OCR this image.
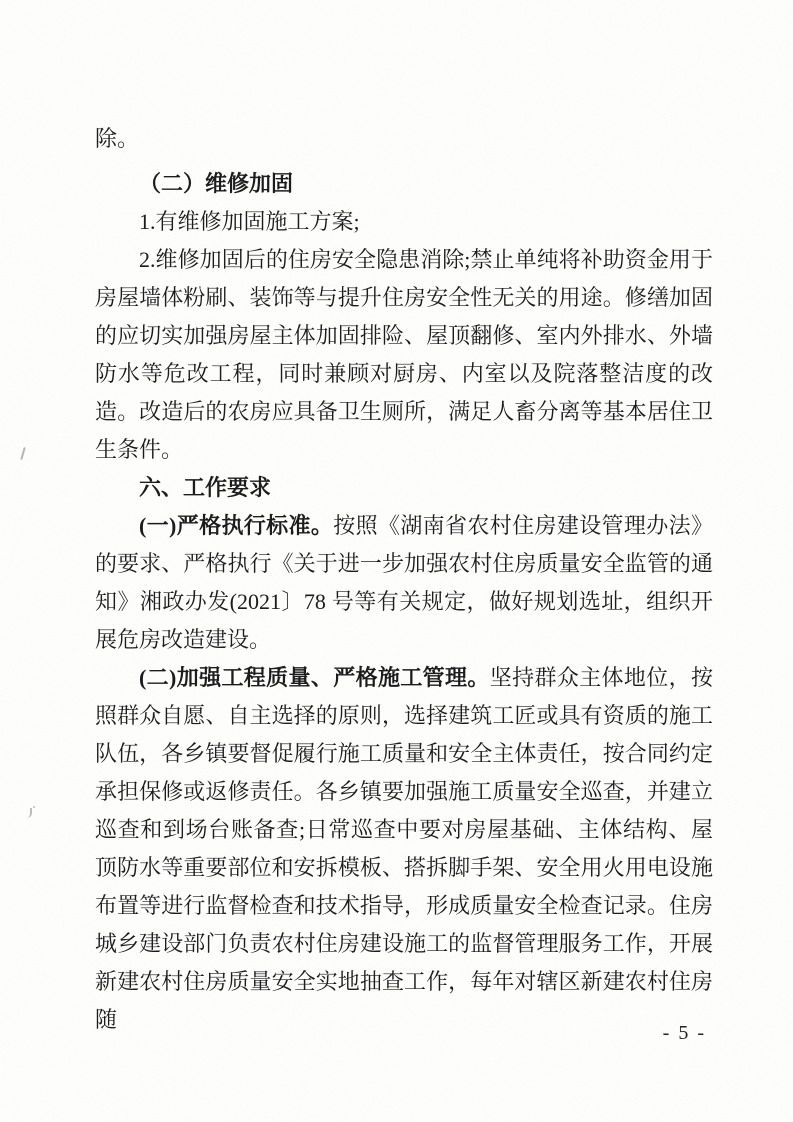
除。

（二）维修加固

1.有维修加固施工方案;

2.维修加固后的住房安全隐患消除;禁止单纯将补助资金用于房屋墙体粉刷、装饰等与提升住房安全性无关的用途。修缮加固的应切实加强房屋主体加固排险、屋顶翻修、室内外排水、外墙防水等危改工程，同时兼顾对厨房、内室以及院落整洁度的改造。改造后的农房应具备卫生厕所，满足人畜分离等基本居住卫生条件。

六、工作要求

(一)严格执行标准。按照《湖南省农村住房建设管理办法》的要求、严格执行《关于进一步加强农村住房质量安全监管的通知》湘政办发(2021〕78 号等有关规定，做好规划选址，组织开展危房改造建设。

(二)加强工程质量、严格施工管理。坚持群众主体地位，按照群众自愿、自主选择的原则，选择建筑工匠或具有资质的施工队伍，各乡镇要督促履行施工质量和安全主体责任，按合同约定承担保修或返修责任。各乡镇要加强施工质量安全巡查，并建立巡查和到场台账备查;日常巡查中要对房屋基础、主体结构、屋顶防水等重要部位和安拆模板、搭拆脚手架、安全用火用电设施布置等进行监督检查和技术指导，形成质量安全检查记录。住房城乡建设部门负责农村住房建设施工的监督管理服务工作，开展新建农村住房质量安全实地抽查工作，每年对辖区新建农村住房随

- 5 -
